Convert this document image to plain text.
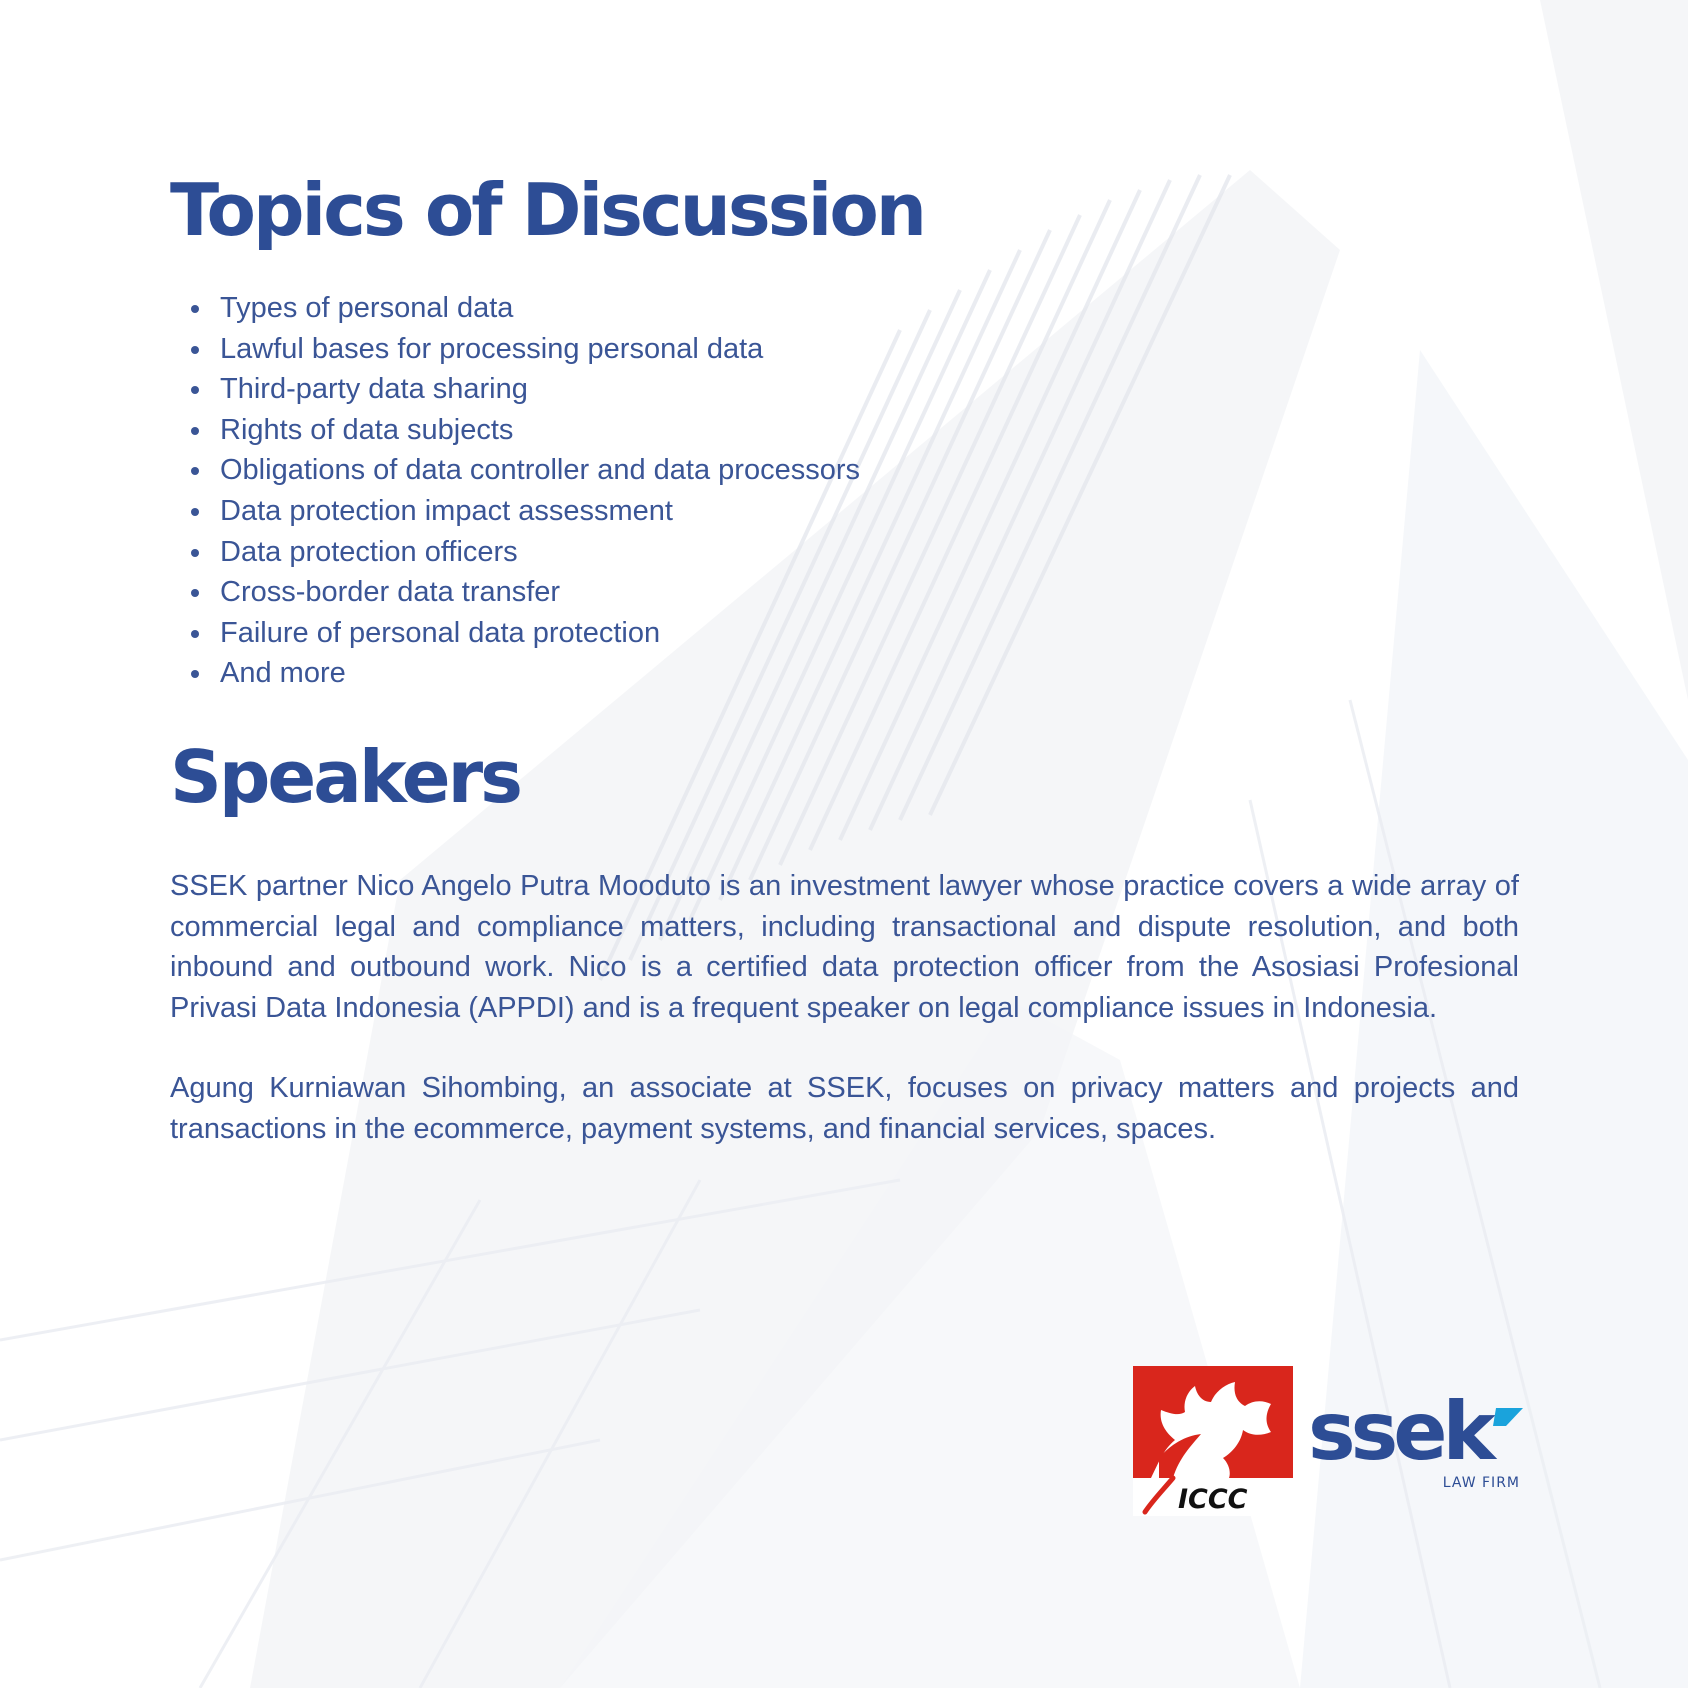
Topics of Discussion
Types of personal data
Lawful bases for processing personal data
Third-party data sharing
Rights of data subjects
Obligations of data controller and data processors
Data protection impact assessment
Data protection officers
Cross-border data transfer
Failure of personal data protection
And more
Speakers

SSEK partner Nico Angelo Putra Mooduto is an investment lawyer whose practice covers a wide array of commercial legal and compliance matters, including transactional and dispute resolution, and both inbound and outbound work. Nico is a certified data protection officer from the Asosiasi Profesional Privasi Data Indonesia (APPDI) and is a frequent speaker on legal compliance issues in Indonesia.

Agung Kurniawan Sihombing, an associate at SSEK, focuses on privacy matters and projects and transactions in the ecommerce, payment systems, and financial services, spaces.

ICCC
ssek
LAW FIRM
